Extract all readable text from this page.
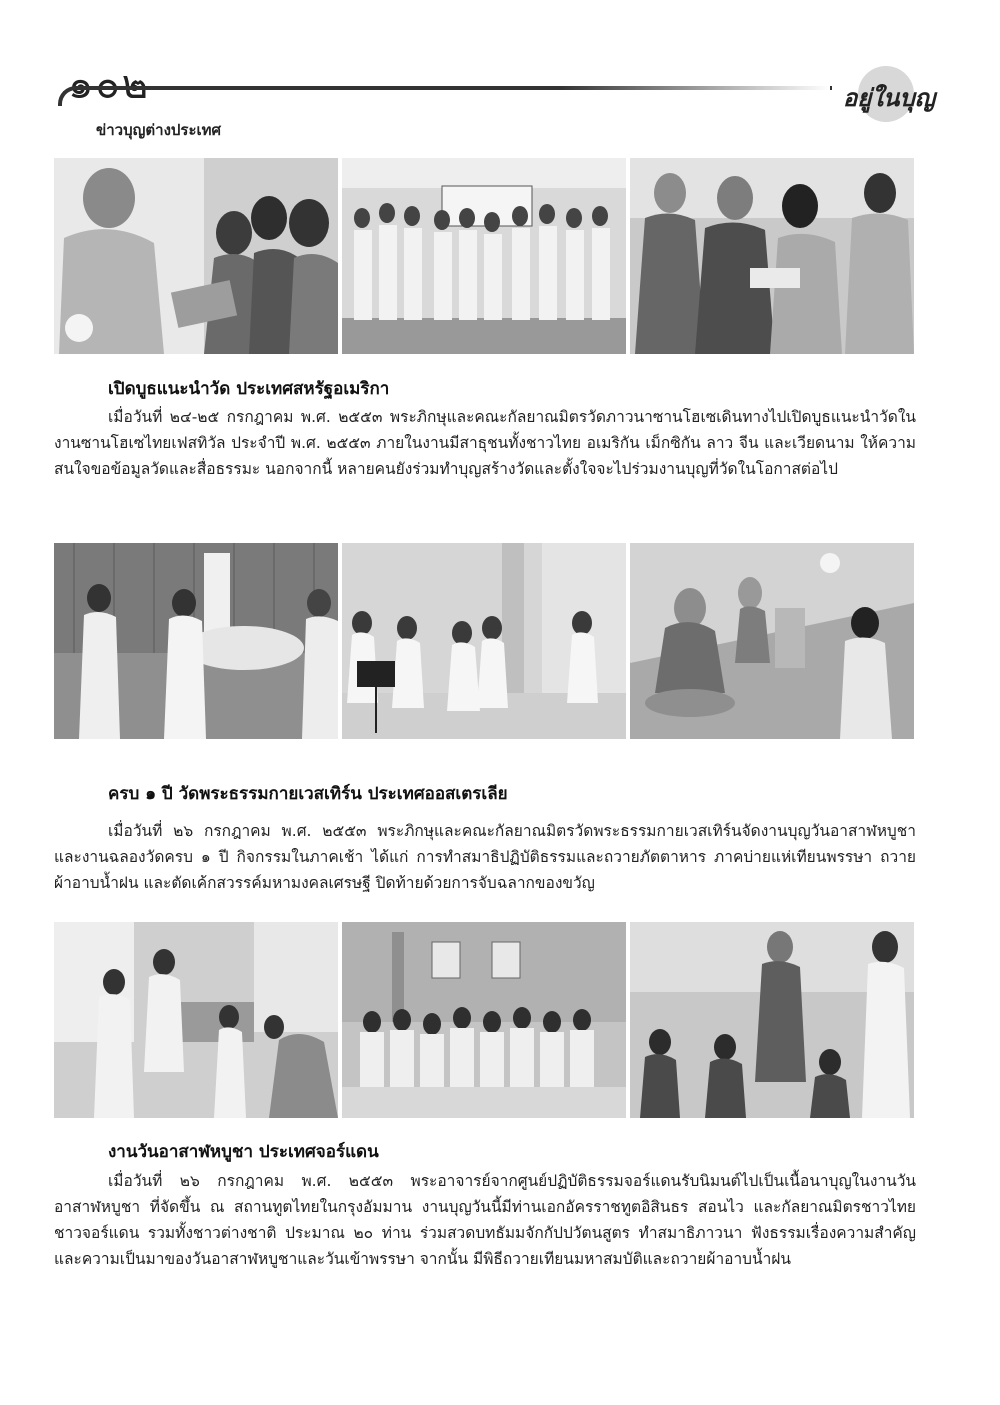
๑๐๒	อยู่ในบุญ
ข่าวบุญต่างประเทศ
เปิดบูธแนะนำวัด ประเทศสหรัฐอเมริกา

เมื่อวันที่ ๒๔-๒๕ กรกฎาคม พ.ศ. ๒๕๕๓ พระภิกษุและคณะกัลยาณมิตรวัดภาวนาซานโฮเซเดินทางไปเปิดบูธแนะนำวัดในงานซานโฮเซไทยเฟสทิวัล ประจำปี พ.ศ. ๒๕๕๓ ภายในงานมีสาธุชนทั้งชาวไทย อเมริกัน เม็กซิกัน ลาว จีน และเวียดนาม ให้ความสนใจขอข้อมูลวัดและสื่อธรรมะ นอกจากนี้ หลายคนยังร่วมทำบุญสร้างวัดและตั้งใจจะไปร่วมงานบุญที่วัดในโอกาสต่อไป

ครบ ๑ ปี วัดพระธรรมกายเวสเทิร์น ประเทศออสเตรเลีย

เมื่อวันที่ ๒๖ กรกฎาคม พ.ศ. ๒๕๕๓ พระภิกษุและคณะกัลยาณมิตรวัดพระธรรมกายเวสเทิร์นจัดงานบุญวันอาสาฬหบูชา และงานฉลองวัดครบ ๑ ปี กิจกรรมในภาคเช้า ได้แก่ การทำสมาธิปฏิบัติธรรมและถวายภัตตาหาร ภาคบ่ายแห่เทียนพรรษา ถวายผ้าอาบน้ำฝน และตัดเค้กสวรรค์มหามงคลเศรษฐี ปิดท้ายด้วยการจับฉลากของขวัญ

งานวันอาสาฬหบูชา ประเทศจอร์แดน

เมื่อวันที่ ๒๖ กรกฎาคม พ.ศ. ๒๕๕๓ พระอาจารย์จากศูนย์ปฏิบัติธรรมจอร์แดนรับนิมนต์ไปเป็นเนื้อนาบุญในงานวันอาสาฬหบูชา ที่จัดขึ้น ณ สถานทูตไทยในกรุงอัมมาน งานบุญวันนี้มีท่านเอกอัครราชทูตอิสินธร สอนไว และกัลยาณมิตรชาวไทย ชาวจอร์แดน รวมทั้งชาวต่างชาติ ประมาณ ๒๐ ท่าน ร่วมสวดบทธัมมจักกัปปวัตนสูตร ทำสมาธิภาวนา ฟังธรรมเรื่องความสำคัญและความเป็นมาของวันอาสาฬหบูชาและวันเข้าพรรษา จากนั้น มีพิธีถวายเทียนมหาสมบัติและถวายผ้าอาบน้ำฝน
